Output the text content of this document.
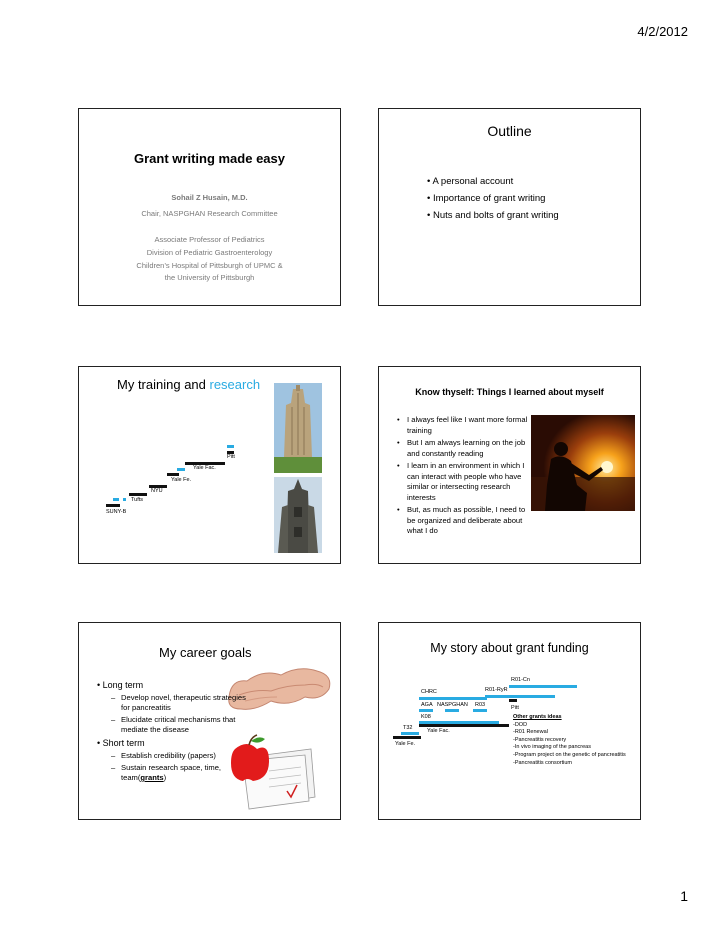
4/2/2012
Grant writing made easy
Sohail Z Husain, M.D.
Chair, NASPGHAN Research Committee
Associate Professor of Pediatrics
Division of Pediatric Gastroenterology
Children’s Hospital of Pittsburgh of UPMC &
the University of Pittsburgh
Outline
• A personal account
• Importance of grant writing
• Nuts and bolts of grant writing
My training and research
SUNY-B
Tufts
NYU
Yale Fe.
Yale Fac.
Pitt
Know thyself: Things I learned about myself
• I always feel like I want more formal training
• But I am always learning on the job and constantly reading
• I learn in an environment in which I can interact with people who have similar or intersecting research interests
• But, as much as possible, I need to be organized and deliberate about what I do
My career goals
• Long term
– Develop novel, therapeutic strategies for pancreatitis
– Elucidate critical mechanisms that mediate the disease
• Short term
– Establish credibility (papers)
– Sustain research space, time, team(grants)
My story about grant funding
R01-Cn
R01-RyR
CHRC
AGA NASPGHAN R03	Pitt
K08
T32	Yale Fac.
Yale Fe.
Other grants ideas
-DOD
-R01 Renewal
-Pancreatitis recovery
-In vivo imaging of the pancreas
-Program project on the genetic of pancreatitis
-Pancreatitis consortium
1
